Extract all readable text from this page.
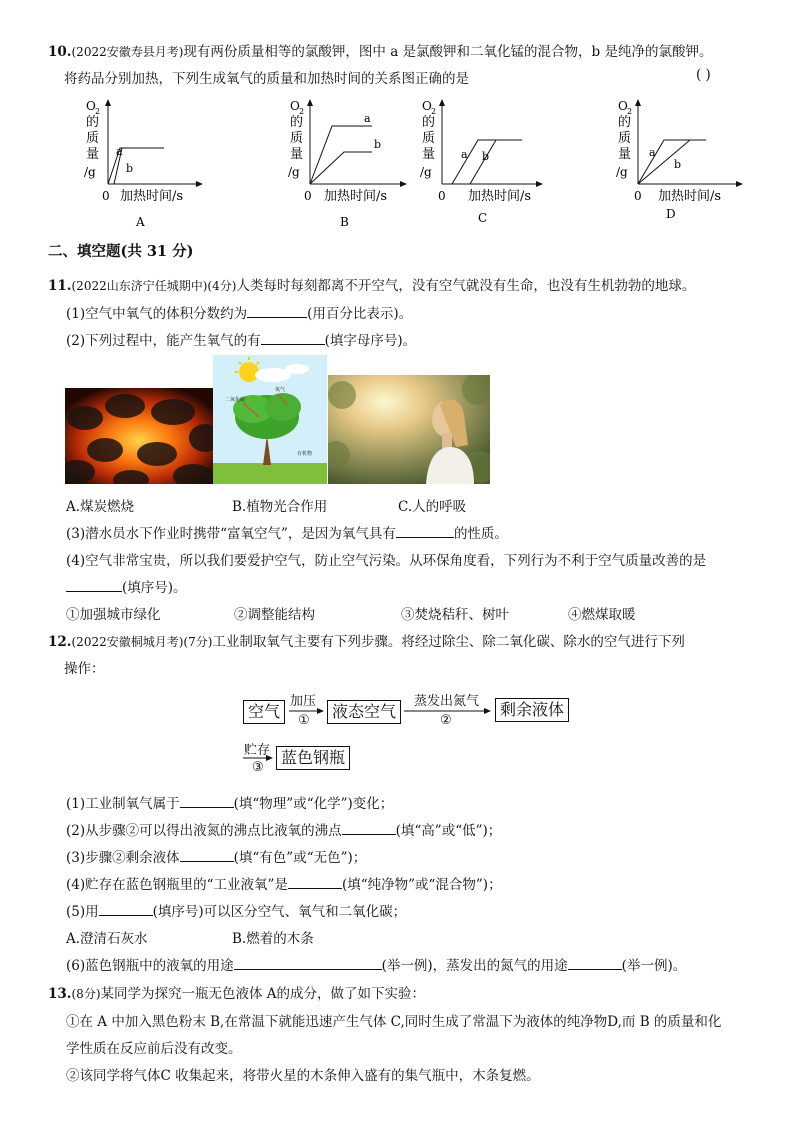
10.(2022安徽寿县月考)现有两份质量相等的氯酸钾，图中 a 是氯酸钾和二氧化锰的混合物，b 是纯净的氯酸钾。
将药品分别加热，下列生成氧气的质量和加热时间的关系图正确的是	( )
O 2
的
质
量
/g
a
b
0 加热时间/s
A
O 2
的
质
量
/g
a
b
0 加热时间/s
B
O 2
的
质
量
/g
a b
0 加热时间/s
C
O 2
的
质
量
/g
a
b
0 加热时间/s
D
二、填空题(共 31 分)
11.(2022山东济宁任城期中)(4分)人类每时每刻都离不开空气，没有空气就没有生命，也没有生机勃勃的地球。
(1)空气中氧气的体积分数约为	(用百分比表示)。
(2)下列过程中，能产生氧气的有	(填字母序号)。
二氧化碳
氧气
有机物
A.煤炭燃烧	B.植物光合作用	C.人的呼吸
(3)潜水员水下作业时携带“富氧空气”，是因为氧气具有	的性质。
(4)空气非常宝贵，所以我们要爱护空气，防止空气污染。从环保角度看，下列行为不利于空气质量改善的是
(填序号)。
①加强城市绿化	②调整能结构	③焚烧秸秆、树叶	④燃煤取暖
12.(2022安徽桐城月考)(7分)工业制取氧气主要有下列步骤。将经过除尘、除二氧化碳、除水的空气进行下列
操作：
空气	液态空气	剩余液体
蓝色钢瓶
加压
①
蒸发出氮气
②
贮存
③
(1)工业制氧气属于	(填“物理”或“化学”)变化；
(2)从步骤②可以得出液氮的沸点比液氧的沸点	(填“高”或“低”)；
(3)步骤②剩余液体	(填“有色”或“无色”)；
(4)贮存在蓝色钢瓶里的“工业液氧”是	(填“纯净物”或“混合物”)；
(5)用	(填序号)可以区分空气、氧气和二氧化碳；
A.澄清石灰水	B.燃着的木条
(6)蓝色钢瓶中的液氧的用途	(举一例)，蒸发出的氮气的用途	(举一例)。
13.(8分)某同学为探究一瓶无色液体 A的成分，做了如下实验：
①在 A 中加入黑色粉末 B,在常温下就能迅速产生气体 C,同时生成了常温下为液体的纯净物D,而 B 的质量和化
学性质在反应前后没有改变。
②该同学将气体C 收集起来，将带火星的木条伸入盛有的集气瓶中，木条复燃。
